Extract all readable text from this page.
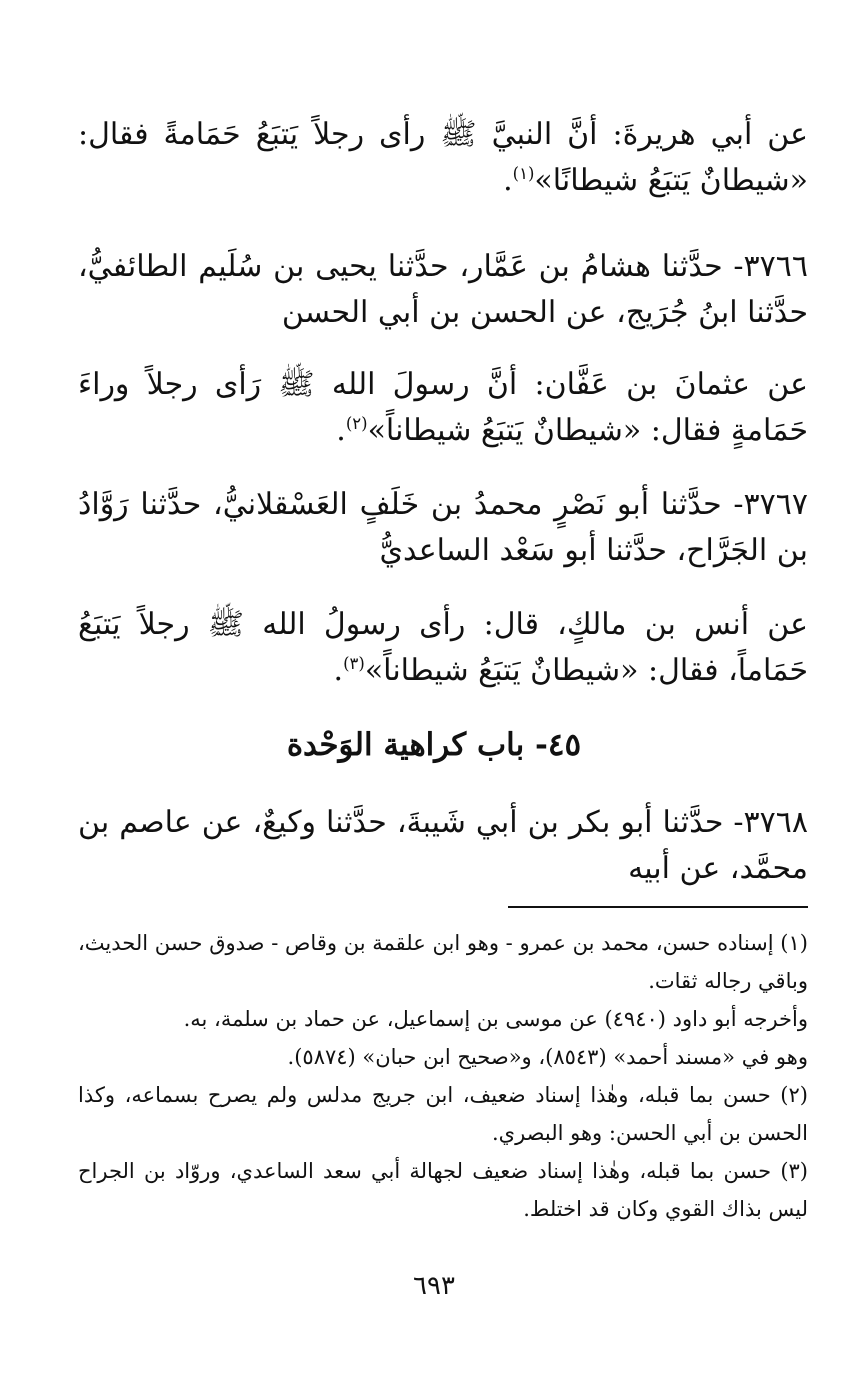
عن أبي هريرةَ: أنَّ النبيَّ ﷺ رأى رجلاً يَتبَعُ حَمَامةً فقال: «شيطانٌ يَتبَعُ شيطانًا»$^{(١)}$.

٣٧٦٦- حدَّثنا هشامُ بن عَمَّار، حدَّثنا يحيى بن سُلَيم الطائفيُّ، حدَّثنا ابنُ جُرَيج، عن الحسن بن أبي الحسن

عن عثمانَ بن عَفَّان: أنَّ رسولَ الله ﷺ رَأى رجلاً وراءَ حَمَامةٍ فقال: «شيطانٌ يَتبَعُ شيطاناً»$^{(٢)}$.

٣٧٦٧- حدَّثنا أبو نَصْرٍ محمدُ بن خَلَفٍ العَسْقلانيُّ، حدَّثنا رَوَّادُ بن الجَرَّاح، حدَّثنا أبو سَعْد الساعديُّ

عن أنس بن مالكٍ، قال: رأى رسولُ الله ﷺ رجلاً يَتبَعُ حَمَاماً، فقال: «شيطانٌ يَتبَعُ شيطاناً»$^{(٣)}$.

٤٥- باب كراهية الوَحْدة

٣٧٦٨- حدَّثنا أبو بكر بن أبي شَيبةَ، حدَّثنا وكيعٌ، عن عاصم بن محمَّد، عن أبيه

(١) إسناده حسن، محمد بن عمرو - وهو ابن علقمة بن وقاص - صدوق حسن الحديث، وباقي رجاله ثقات.

وأخرجه أبو داود (٤٩٤٠) عن موسى بن إسماعيل، عن حماد بن سلمة، به.

وهو في «مسند أحمد» (٨٥٤٣)، و«صحيح ابن حبان» (٥٨٧٤).

(٢) حسن بما قبله، وهٰذا إسناد ضعيف، ابن جريج مدلس ولم يصرح بسماعه، وكذا الحسن بن أبي الحسن: وهو البصري.

(٣) حسن بما قبله، وهٰذا إسناد ضعيف لجهالة أبي سعد الساعدي، وروّاد بن الجراح ليس بذاك القوي وكان قد اختلط.

٦٩٣
